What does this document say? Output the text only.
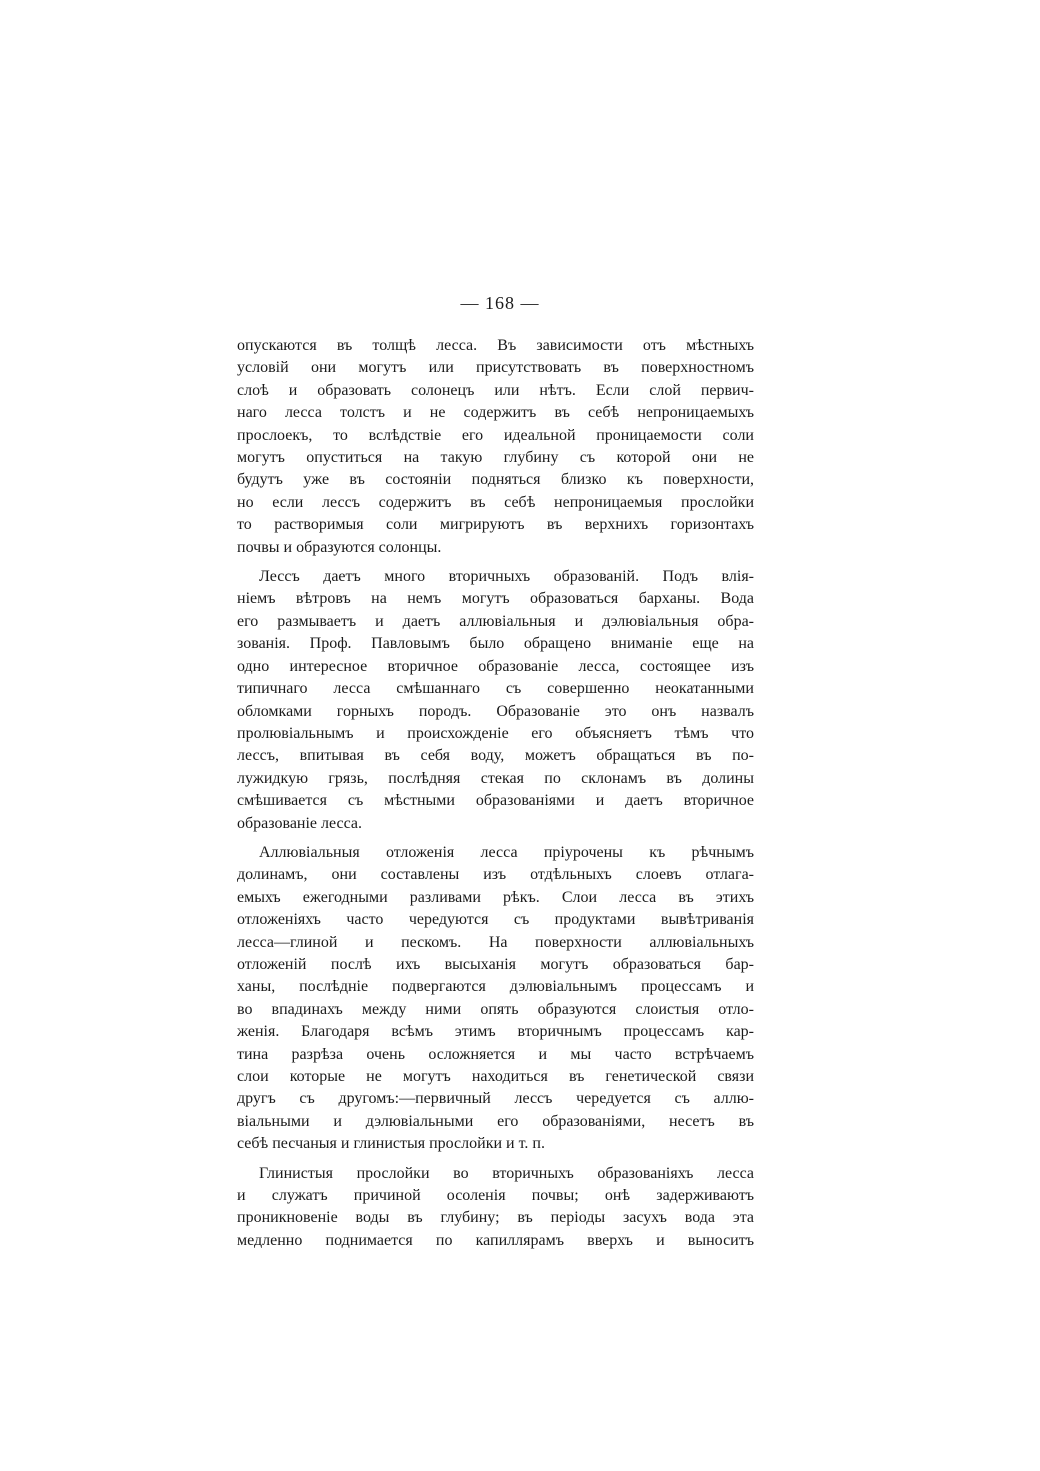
— 168 —
опускаются въ толщѣ лесса. Въ зависимости отъ мѣстныхъ
условій они могутъ или присутствовать въ поверхностномъ
слоѣ и образовать солонецъ или нѣтъ. Если слой первич-
наго лесса толстъ и не содержитъ въ себѣ непроницаемыхъ
прослоекъ, то вслѣдствіе его идеальной проницаемости соли
могутъ опуститься на такую глубину съ которой они не
будутъ уже въ состояніи подняться близко къ поверхности,
но если лессъ содержитъ въ себѣ непроницаемыя прослойки
то растворимыя соли мигрируютъ въ верхнихъ горизонтахъ
почвы и образуются солонцы.
Лессъ даетъ много вторичныхъ образованій. Подъ влія-
ніемъ вѣтровъ на немъ могутъ образоваться барханы. Вода
его размываетъ и даетъ аллювіальныя и дэлювіальныя обра-
зованія. Проф. Павловымъ было обращено вниманіе еще на
одно интересное вторичное образованіе лесса, состоящее изъ
типичнаго лесса смѣшаннаго съ совершенно неокатанными
обломками горныхъ породъ. Образованіе это онъ назвалъ
пролювіальнымъ и происхожденіе его объясняетъ тѣмъ что
лессъ, впитывая въ себя воду, можетъ обращаться въ по-
лужидкую грязь, послѣдняя стекая по склонамъ въ долины
смѣшивается съ мѣстными образованіями и даетъ вторичное
образованіе лесса.
Аллювіальныя отложенія лесса пріурочены къ рѣчнымъ
долинамъ, они составлены изъ отдѣльныхъ слоевъ отлага-
емыхъ ежегодными разливами рѣкъ. Слои лесса въ этихъ
отложеніяхъ часто чередуются съ продуктами вывѣтриванія
лесса—глиной и пескомъ. На поверхности аллювіальныхъ
отложеній послѣ ихъ высыханія могутъ образоваться бар-
ханы, послѣдніе подвергаются дэлювіальнымъ процессамъ и
во впадинахъ между ними опять образуются слоистыя отло-
женія. Благодаря всѣмъ этимъ вторичнымъ процессамъ кар-
тина разрѣза очень осложняется и мы часто встрѣчаемъ
слои которые не могутъ находиться въ генетической связи
другъ съ другомъ:—первичный лессъ чередуется съ аллю-
віальными и дэлювіальными его образованіями, несетъ въ
себѣ песчаныя и глинистыя прослойки и т. п.
Глинистыя прослойки во вторичныхъ образованіяхъ лесса
и служатъ причиной осоленія почвы; онѣ задерживаютъ
проникновеніе воды въ глубину; въ періоды засухъ вода эта
медленно поднимается по капиллярамъ вверхъ и выноситъ
